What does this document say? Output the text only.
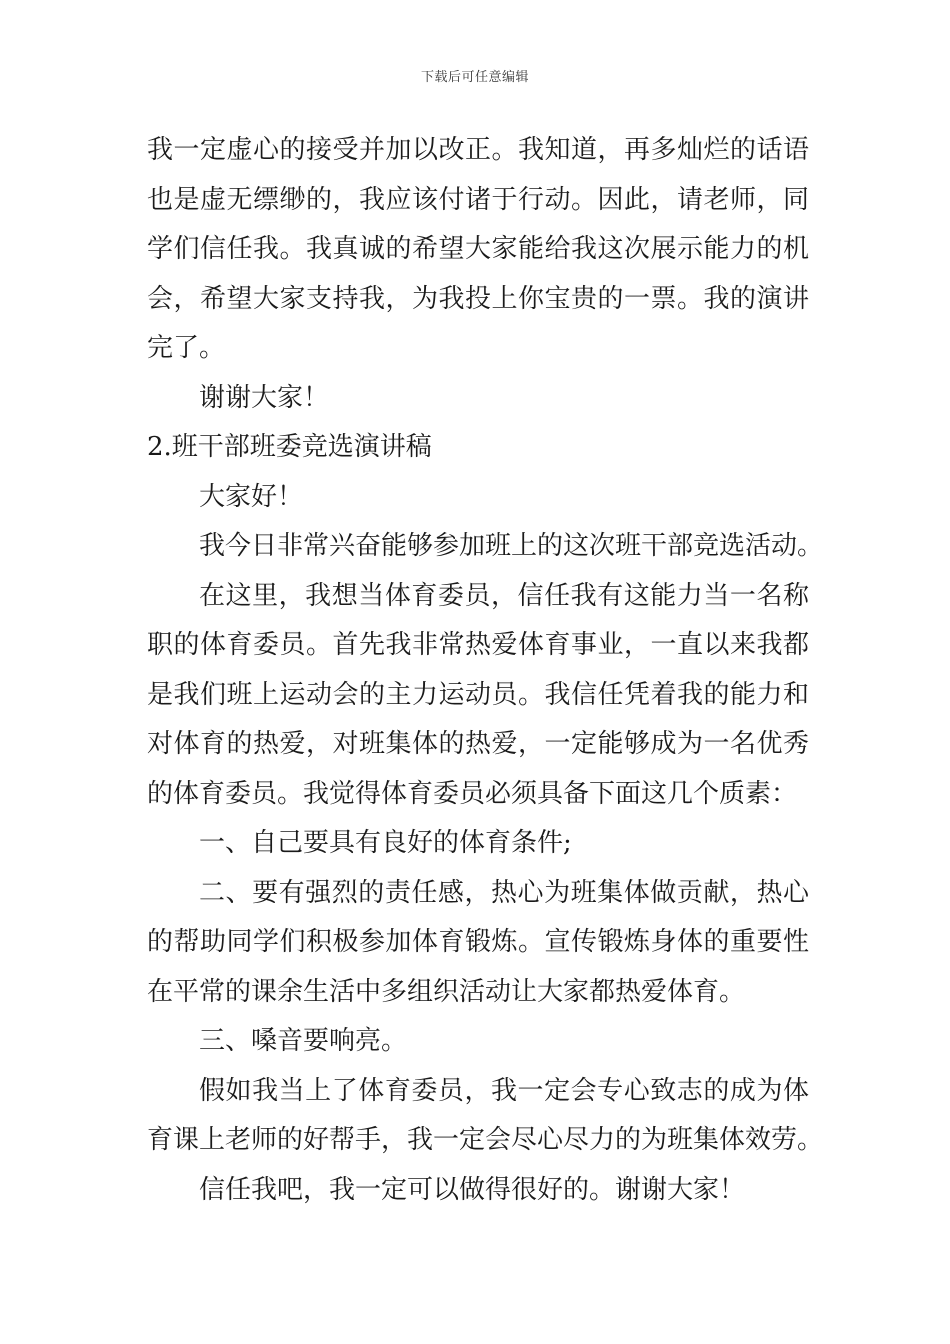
下载后可任意编辑
我一定虚心的接受并加以改正。我知道，再多灿烂的话语
也是虚无缥缈的，我应该付诸于行动。因此，请老师，同
学们信任我。我真诚的希望大家能给我这次展示能力的机
会，希望大家支持我，为我投上你宝贵的一票。我的演讲
完了。
谢谢大家！
2.班干部班委竞选演讲稿
大家好！
我今日非常兴奋能够参加班上的这次班干部竞选活动。
在这里，我想当体育委员，信任我有这能力当一名称
职的体育委员。首先我非常热爱体育事业，一直以来我都
是我们班上运动会的主力运动员。我信任凭着我的能力和
对体育的热爱，对班集体的热爱，一定能够成为一名优秀
的体育委员。我觉得体育委员必须具备下面这几个质素：
一、自己要具有良好的体育条件;
二、要有强烈的责任感，热心为班集体做贡献，热心
的帮助同学们积极参加体育锻炼。宣传锻炼身体的重要性
在平常的课余生活中多组织活动让大家都热爱体育。
三、嗓音要响亮。
假如我当上了体育委员，我一定会专心致志的成为体
育课上老师的好帮手，我一定会尽心尽力的为班集体效劳。
信任我吧，我一定可以做得很好的。谢谢大家！
